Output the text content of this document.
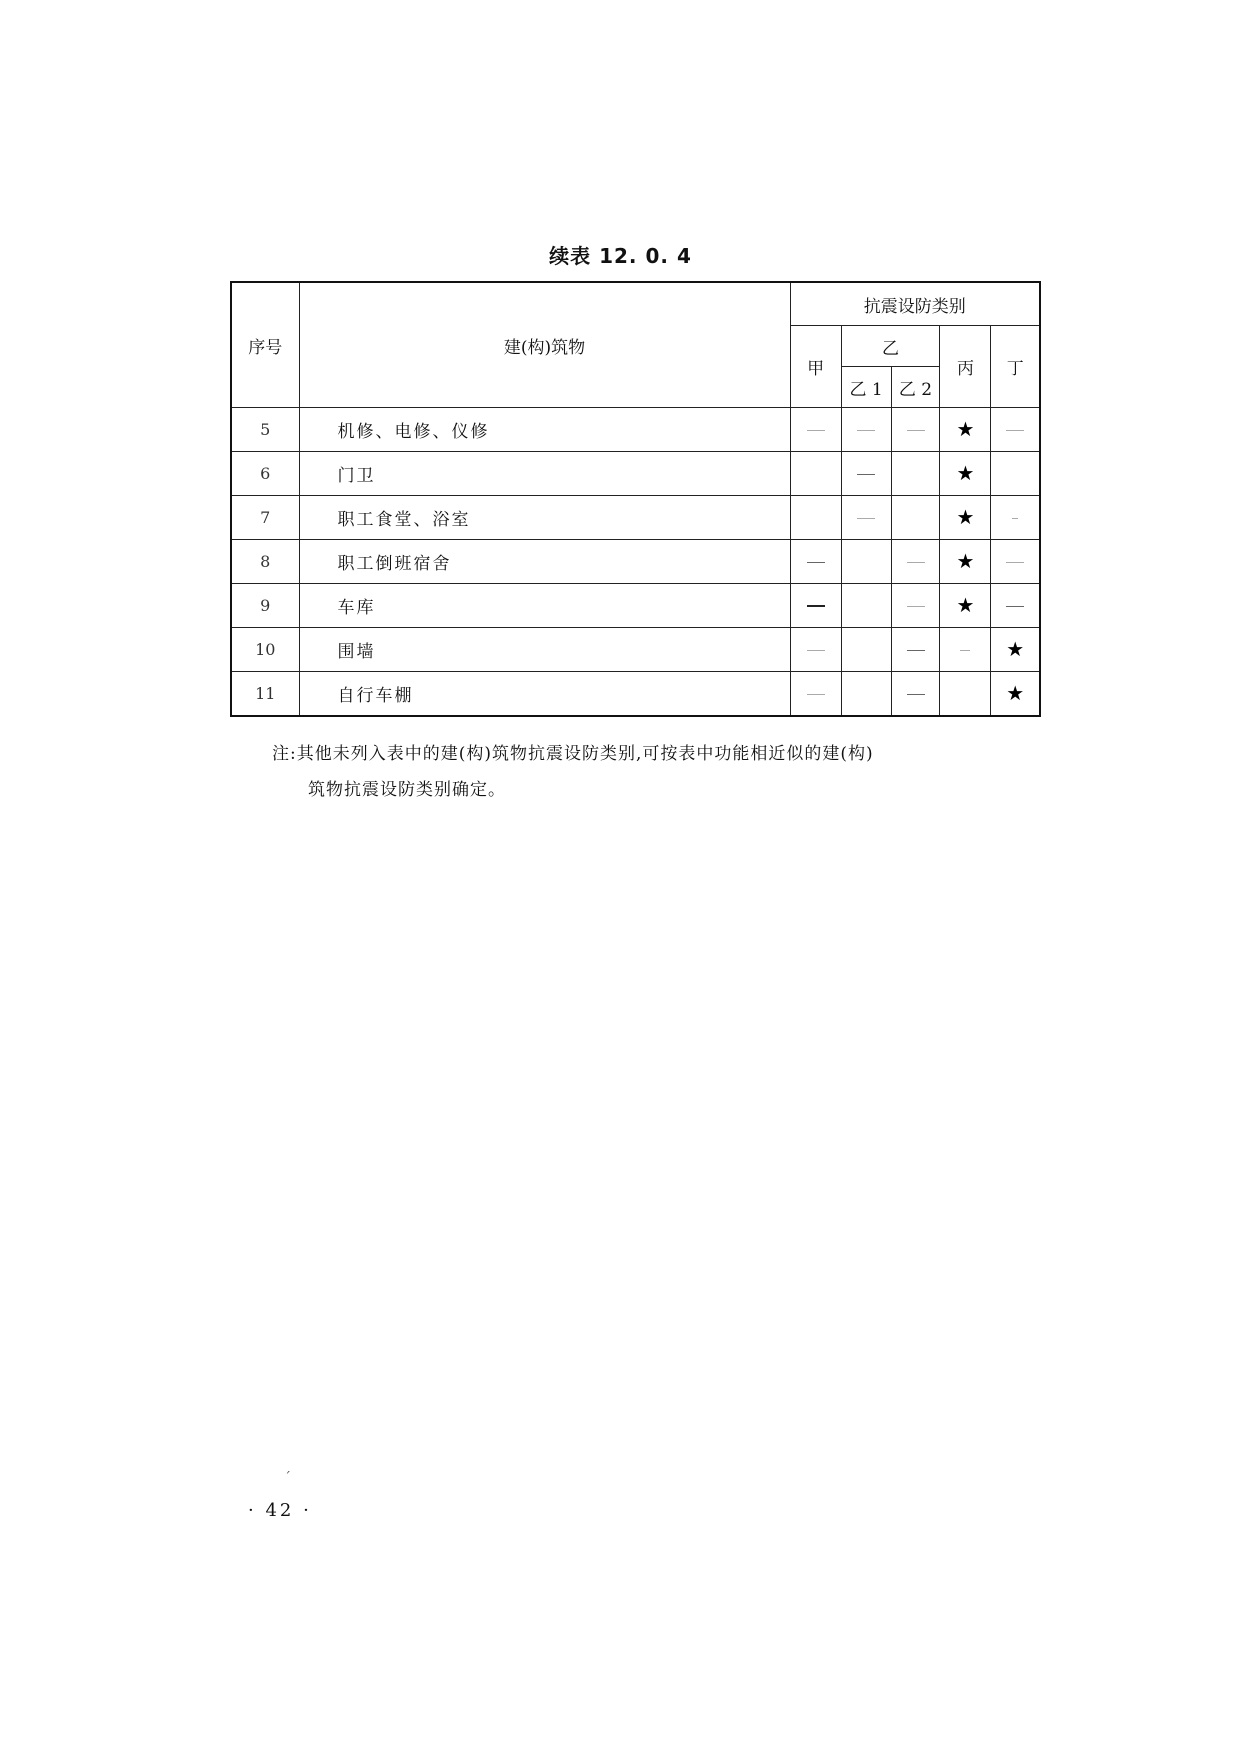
续表 12. 0. 4
序号	建(构)筑物	抗震设防类别				
		甲	乙		丙	丁
			乙 1	乙 2		
5	机修、电修、仪修				★	
6	门卫				★	
7	职工食堂、浴室				★	
8	职工倒班宿舍				★	
9	车库				★	
10	围墙					★
11	自行车棚					★
注:其他未列入表中的建(构)筑物抗震设防类别,可按表中功能相近似的建(构)
筑物抗震设防类别确定。
ˊ
· 42 ·
